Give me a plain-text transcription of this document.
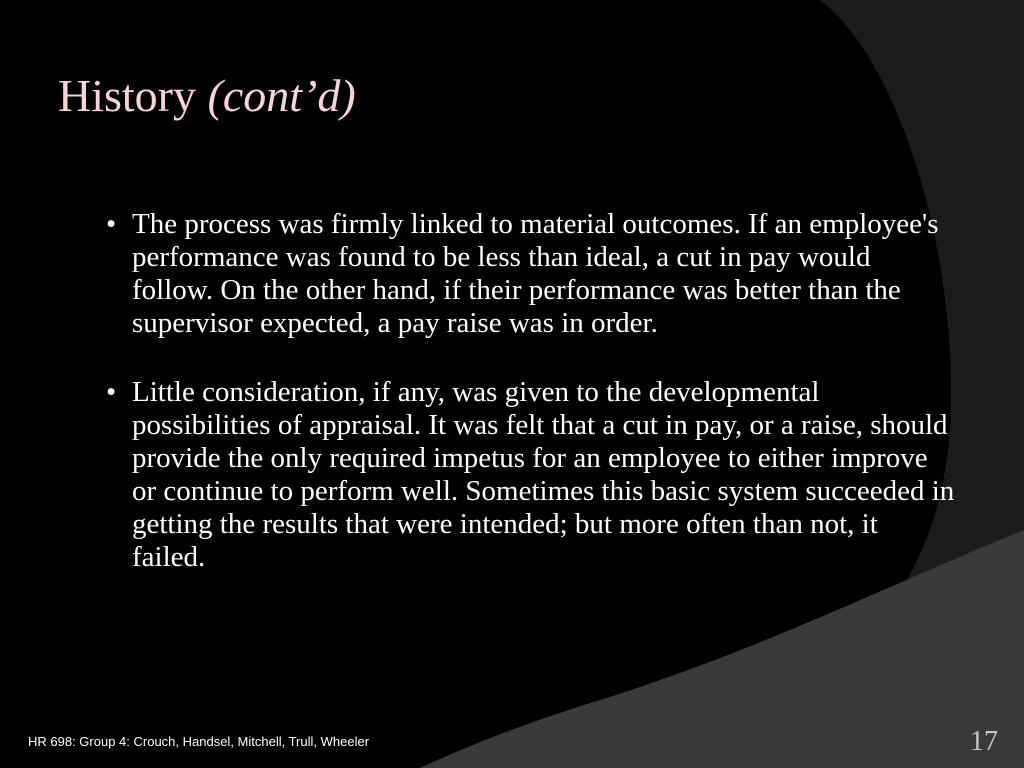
History (cont’d)
• The process was firmly linked to material outcomes. If an employee's performance was found to be less than ideal, a cut in pay would follow. On the other hand, if their performance was better than the supervisor expected, a pay raise was in order.
• Little consideration, if any, was given to the developmental possibilities of appraisal. It was felt that a cut in pay, or a raise, should provide the only required impetus for an employee to either improve or continue to perform well. Sometimes this basic system succeeded in getting the results that were intended; but more often than not, it failed.
HR 698: Group 4: Crouch, Handsel, Mitchell, Trull, Wheeler	17
